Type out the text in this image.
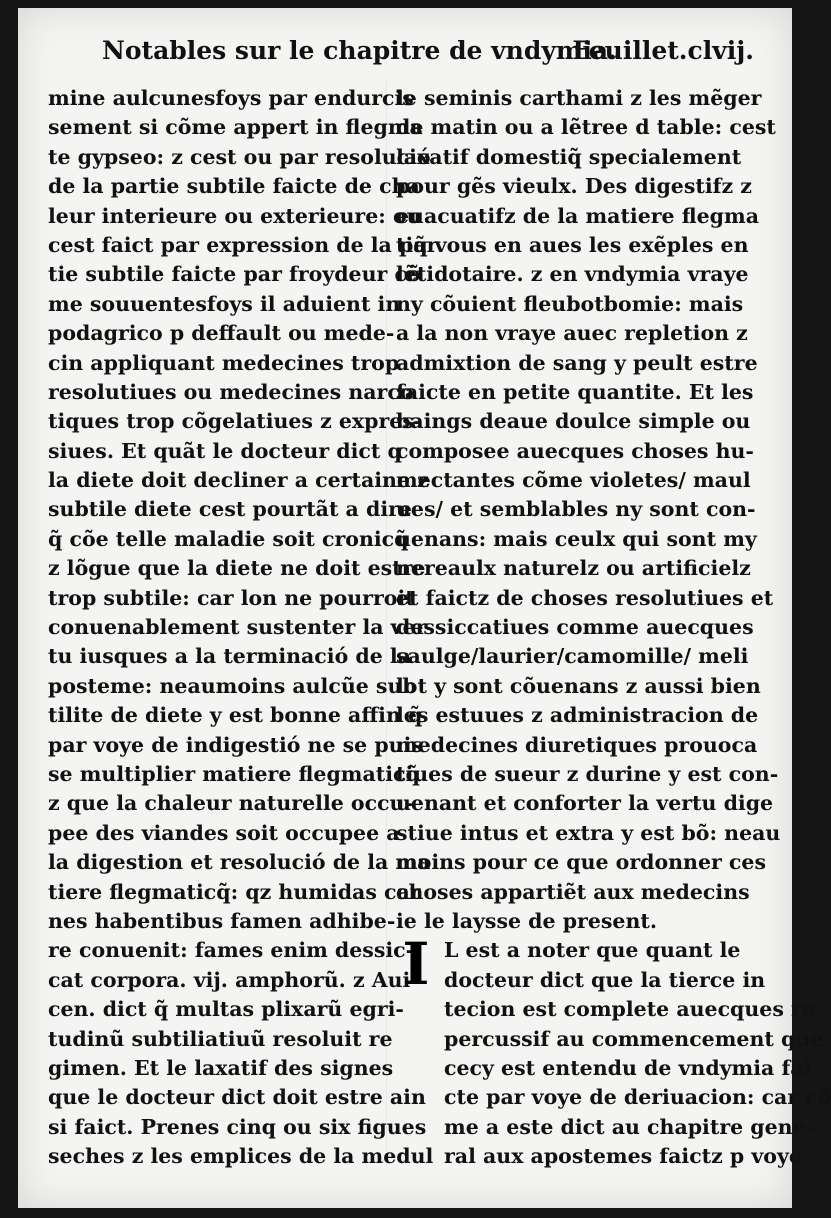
Notables sur le chapitre de vndymia.
Feuillet.clvij.
mine aulcunesfoys par endurcis
sement si cõme appert in flegma
te gypseo: z cest ou par resolució
de la partie subtile faicte de cha
leur interieure ou exterieure: ou
cest faict par expression de la par
tie subtile faicte par froydeur cõ
me souuentesfoys il aduient in
podagrico p deffault ou mede-
cin appliquant medecines trop
resolutiues ou medecines narco
tiques trop cõgelatiues z expres-
siues. Et quãt le docteur dict q
la diete doit decliner a certaine z
subtile diete cest pourtãt a dire
q̃ cõe telle maladie soit cronicq̃
z lõgue que la diete ne doit estre
trop subtile: car lon ne pourroit
conuenablement sustenter la ver
tu iusques a la terminació de la
posteme: neaumoins aulcũe sub
tilite de diete y est bonne affin q̃
par voye de indigestió ne se puis
se multiplier matiere flegmaticq̃
z que la chaleur naturelle occu-
pee des viandes soit occupee a
la digestion et resolució de la ma
tiere flegmaticq̃: qz humidas car
nes habentibus famen adhibe-
re conuenit: fames enim dessic-
cat corpora. vij. amphorũ. z Aui
cen. dict q̃ multas plixarũ egri-
tudinũ subtiliatiuũ resoluit re
gimen. Et le laxatif des signes
que le docteur dict doit estre ain
si faict. Prenes cinq ou six figues
seches z les emplices de la medul
le seminis carthami z les mẽger
de matin ou a lẽtree d table: cest
laxatif domestiq̃ specialement
pour gẽs vieulx. Des digestifz z
euacuatifz de la matiere flegma
tiq̃ vous en aues les exẽples en
lẽtidotaire. z en vndymia vraye
ny cõuient fleubotbomie: mais
a la non vraye auec repletion z
admixtion de sang y peult estre
faicte en petite quantite. Et les
baings deaue doulce simple ou
composee auecques choses hu-
mectantes cõme violetes/ maul
ues/ et semblables ny sont con-
uenans: mais ceulx qui sont my
nereaulx naturelz ou artificielz
et faictz de choses resolutiues et
dessiccatiues comme auecques
saulge/laurier/camomille/ meli
lot y sont cõuenans z aussi bien
les estuues z administracion de
medecines diuretiques prouoca
tiues de sueur z durine y est con-
uenant et conforter la vertu dige
stiue intus et extra y est bõ: neau
moins pour ce que ordonner ces
choses appartiẽt aux medecins
ie le laysse de present.
I L est a noter que quant le
docteur dict que la tierce in
tecion est complete auecques re
percussif au commencement que
cecy est entendu de vndymia fai
cte par voye de deriuacion: car cõ
me a este dict au chapitre gene-
ral aux apostemes faictz p voye
